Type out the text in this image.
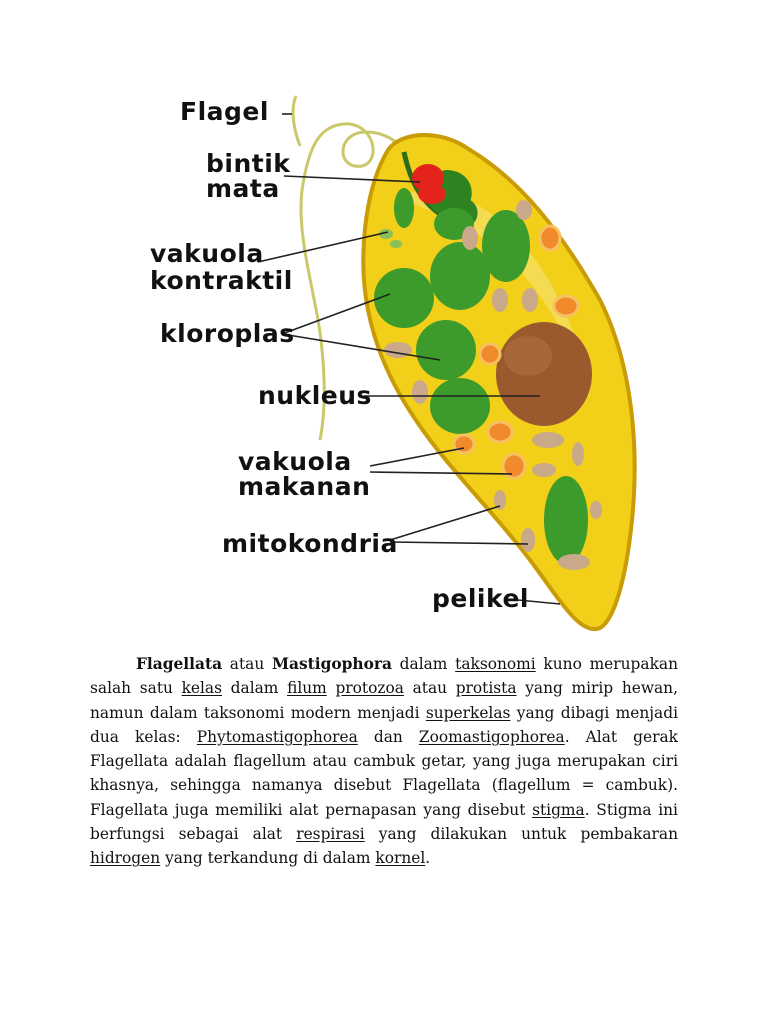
Flagel
bintik
mata
vakuola
kontraktil
kloroplas
nukleus
vakuola
makanan
mitokondria
pelikel

Flagellata atau Mastigophora dalam taksonomi kuno merupakan salah satu kelas dalam filum protozoa atau protista yang mirip hewan, namun dalam taksonomi modern menjadi superkelas yang dibagi menjadi dua kelas: Phytomastigophorea dan Zoomastigophorea. Alat gerak Flagellata adalah flagellum atau cambuk getar, yang juga merupakan ciri khasnya, sehingga namanya disebut Flagellata (flagellum = cambuk). Flagellata juga memiliki alat pernapasan yang disebut stigma. Stigma ini berfungsi sebagai alat respirasi yang dilakukan untuk pembakaran hidrogen yang terkandung di dalam kornel.
